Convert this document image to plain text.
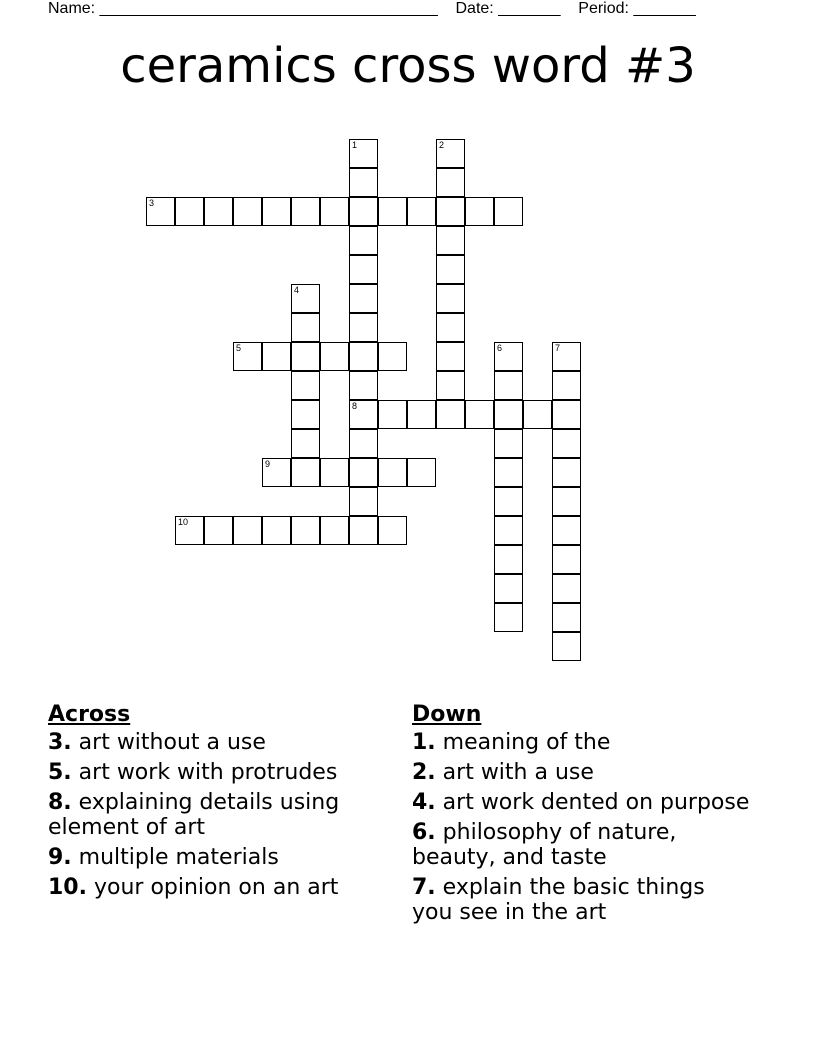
Name: ______________________________________ Date: _______ Period: _______
ceramics cross word #3
1
8
2
3
4
5	6	7
9
10
Across
3. art without a use
5. art work with protrudes
8. explaining details using element of art
9. multiple materials
10. your opinion on an art
Down
1. meaning of the
2. art with a use
4. art work dented on purpose
6. philosophy of nature, beauty, and taste
7. explain the basic things you see in the art
